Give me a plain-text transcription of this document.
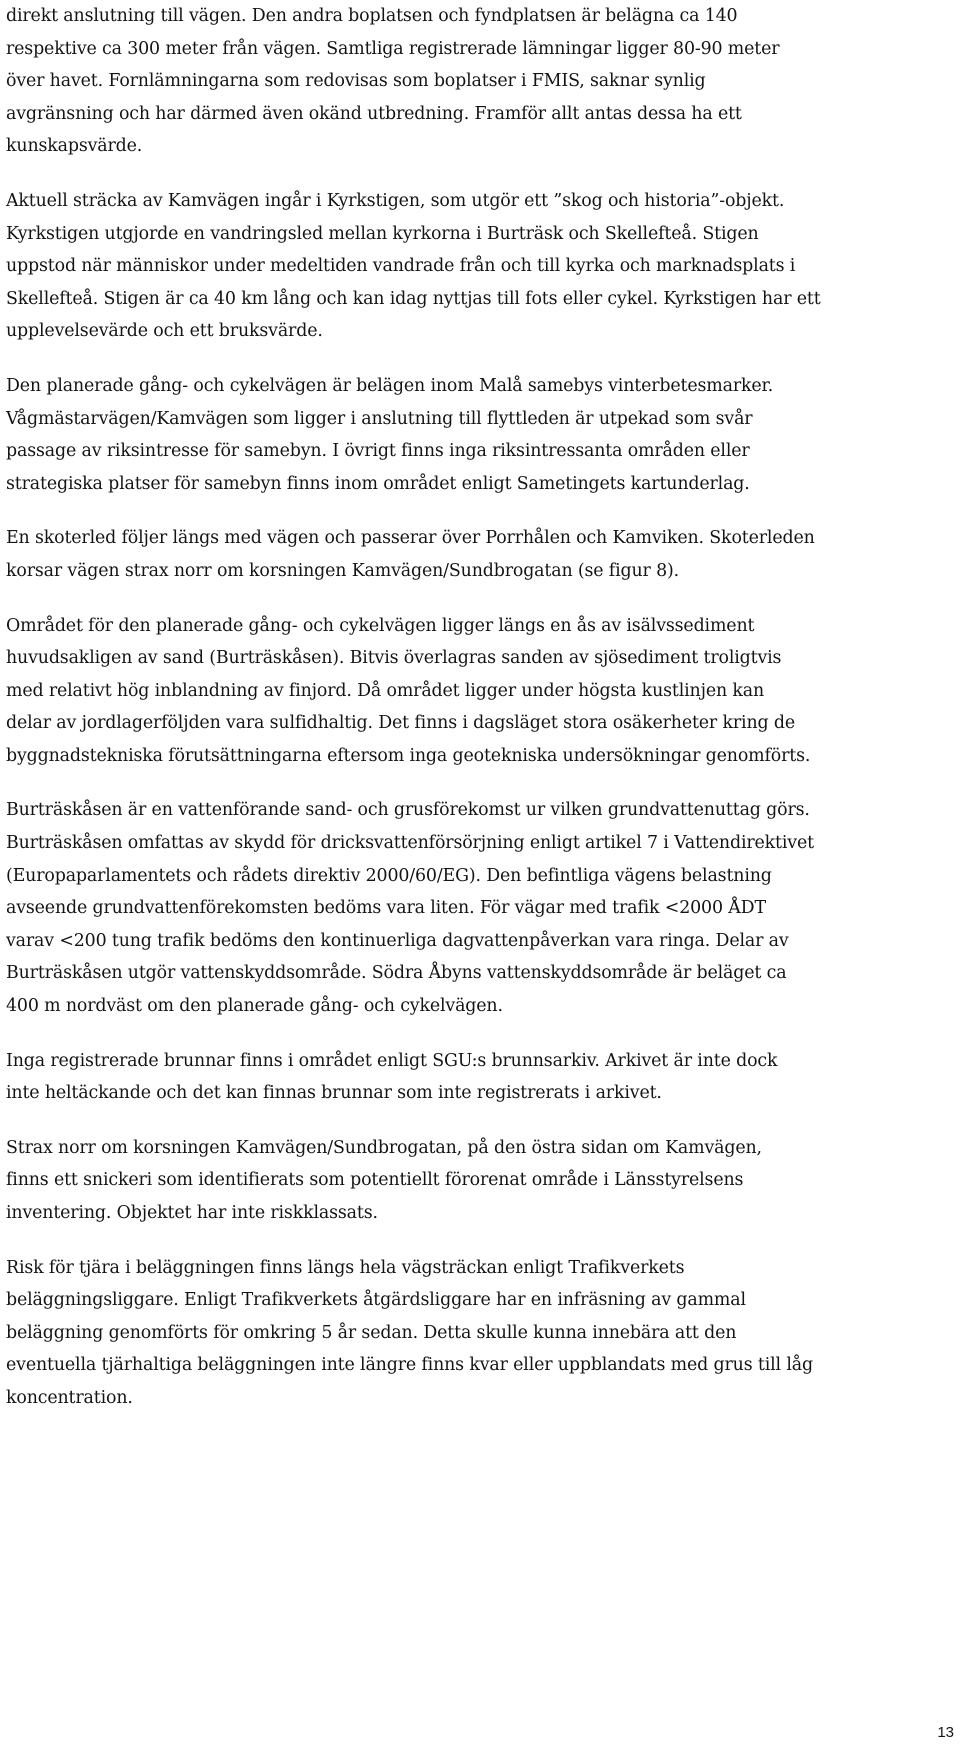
direkt anslutning till vägen. Den andra boplatsen och fyndplatsen är belägna ca 140
respektive ca 300 meter från vägen. Samtliga registrerade lämningar ligger 80-90 meter
över havet. Fornlämningarna som redovisas som boplatser i FMIS, saknar synlig
avgränsning och har därmed även okänd utbredning. Framför allt antas dessa ha ett
kunskapsvärde.

Aktuell sträcka av Kamvägen ingår i Kyrkstigen, som utgör ett ”skog och historia”-objekt.
Kyrkstigen utgjorde en vandringsled mellan kyrkorna i Burträsk och Skellefteå. Stigen
uppstod när människor under medeltiden vandrade från och till kyrka och marknadsplats i
Skellefteå. Stigen är ca 40 km lång och kan idag nyttjas till fots eller cykel. Kyrkstigen har ett
upplevelsevärde och ett bruksvärde.

Den planerade gång- och cykelvägen är belägen inom Malå samebys vinterbetesmarker.
Vågmästarvägen/Kamvägen som ligger i anslutning till flyttleden är utpekad som svår
passage av riksintresse för samebyn. I övrigt finns inga riksintressanta områden eller
strategiska platser för samebyn finns inom området enligt Sametingets kartunderlag.

En skoterled följer längs med vägen och passerar över Porrhålen och Kamviken. Skoterleden
korsar vägen strax norr om korsningen Kamvägen/Sundbrogatan (se figur 8).

Området för den planerade gång- och cykelvägen ligger längs en ås av isälvssediment
huvudsakligen av sand (Burträskåsen). Bitvis överlagras sanden av sjösediment troligtvis
med relativt hög inblandning av finjord. Då området ligger under högsta kustlinjen kan
delar av jordlagerföljden vara sulfidhaltig. Det finns i dagsläget stora osäkerheter kring de
byggnadstekniska förutsättningarna eftersom inga geotekniska undersökningar genomförts.

Burträskåsen är en vattenförande sand- och grusförekomst ur vilken grundvattenuttag görs.
Burträskåsen omfattas av skydd för dricksvattenförsörjning enligt artikel 7 i Vattendirektivet
(Europaparlamentets och rådets direktiv 2000/60/EG). Den befintliga vägens belastning
avseende grundvattenförekomsten bedöms vara liten. För vägar med trafik <2000 ÅDT
varav <200 tung trafik bedöms den kontinuerliga dagvattenpåverkan vara ringa. Delar av
Burträskåsen utgör vattenskyddsområde. Södra Åbyns vattenskyddsområde är beläget ca
400 m nordväst om den planerade gång- och cykelvägen.

Inga registrerade brunnar finns i området enligt SGU:s brunnsarkiv. Arkivet är inte dock
inte heltäckande och det kan finnas brunnar som inte registrerats i arkivet.

Strax norr om korsningen Kamvägen/Sundbrogatan, på den östra sidan om Kamvägen,
finns ett snickeri som identifierats som potentiellt förorenat område i Länsstyrelsens
inventering. Objektet har inte riskklassats.

Risk för tjära i beläggningen finns längs hela vägsträckan enligt Trafikverkets
beläggningsliggare. Enligt Trafikverkets åtgärdsliggare har en infräsning av gammal
beläggning genomförts för omkring 5 år sedan. Detta skulle kunna innebära att den
eventuella tjärhaltiga beläggningen inte längre finns kvar eller uppblandats med grus till låg
koncentration.

13
